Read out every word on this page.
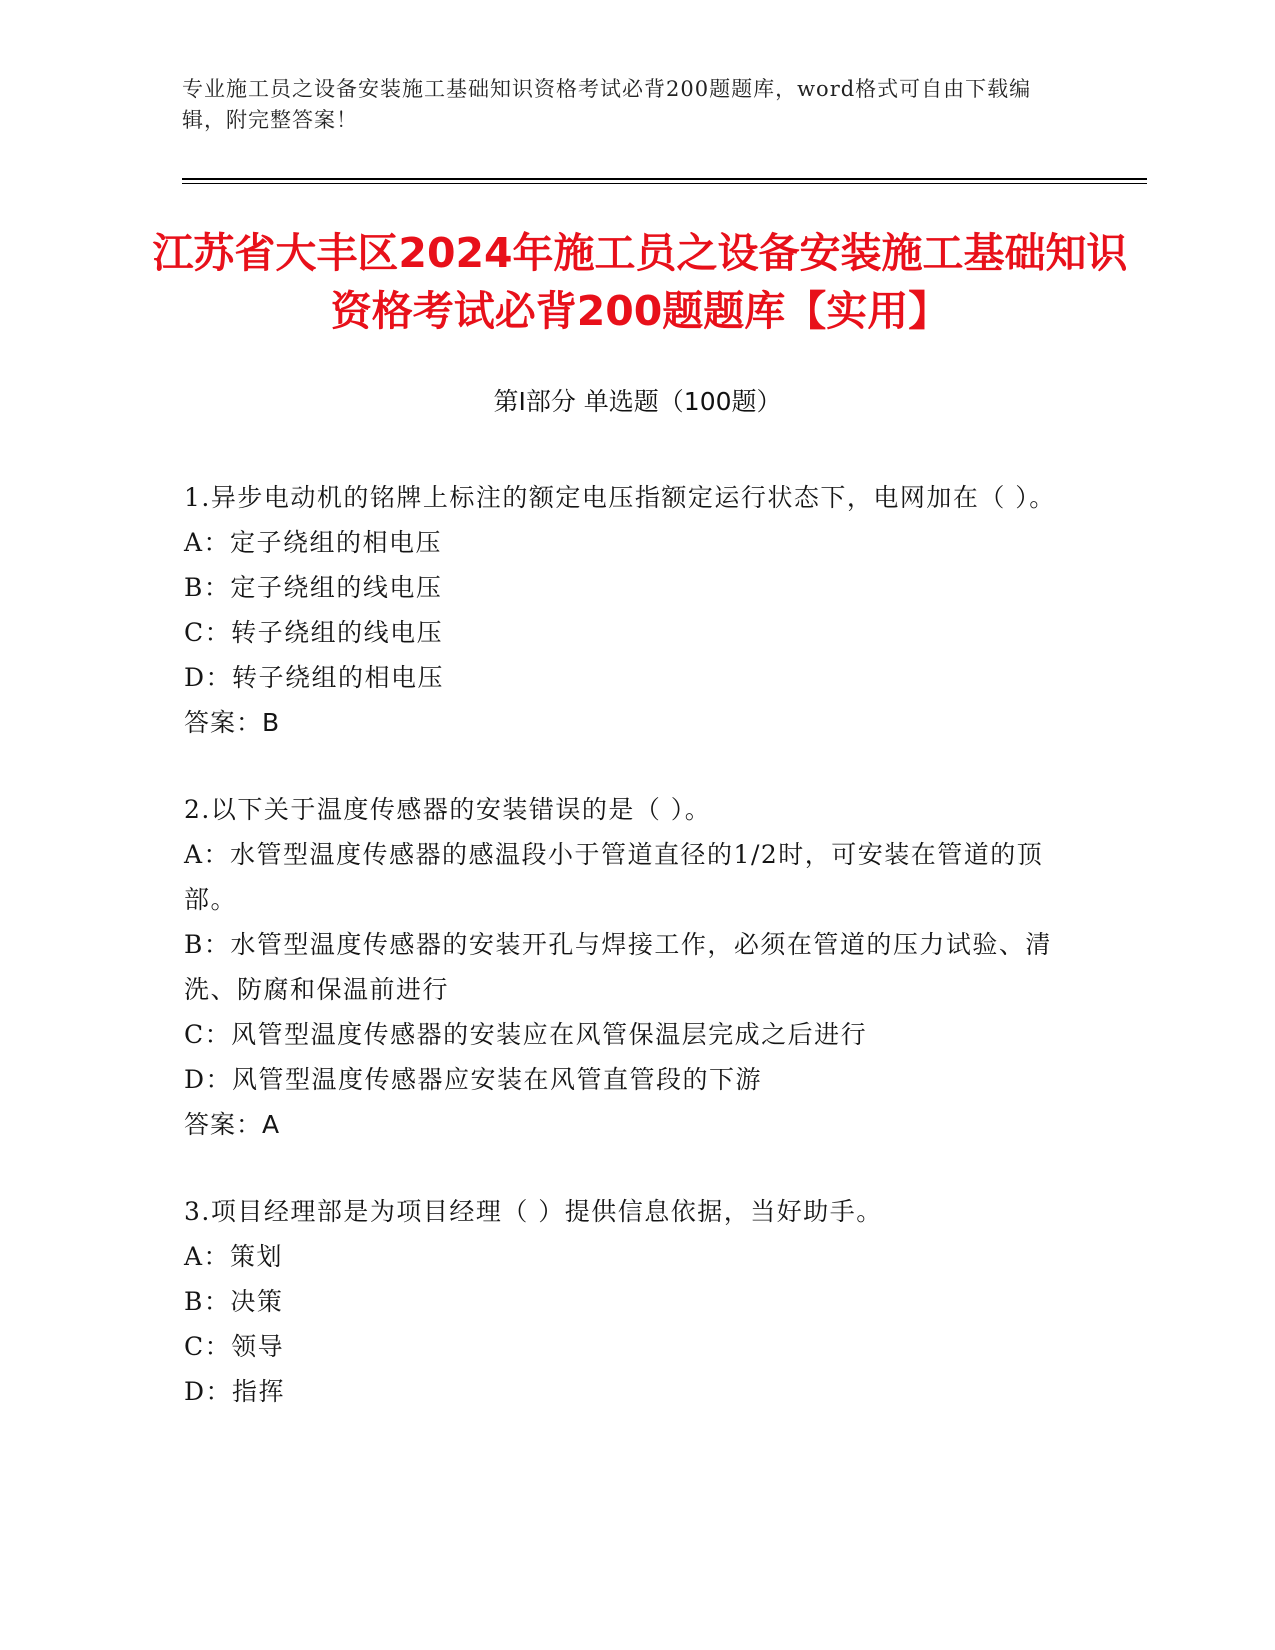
专业施工员之设备安装施工基础知识资格考试必背200题题库，word格式可自由下载编辑，附完整答案！
江苏省大丰区2024年施工员之设备安装施工基础知识资格考试必背200题题库【实用】
第Ⅰ部分 单选题（100题）
1.异步电动机的铭牌上标注的额定电压指额定运行状态下，电网加在（ ）。
A：定子绕组的相电压
B：定子绕组的线电压
C：转子绕组的线电压
D：转子绕组的相电压
答案：B
2.以下关于温度传感器的安装错误的是（ ）。
A：水管型温度传感器的感温段小于管道直径的1/2时，可安装在管道的顶部。
B：水管型温度传感器的安装开孔与焊接工作，必须在管道的压力试验、清洗、防腐和保温前进行
C：风管型温度传感器的安装应在风管保温层完成之后进行
D：风管型温度传感器应安装在风管直管段的下游
答案：A
3.项目经理部是为项目经理（ ）提供信息依据，当好助手。
A：策划
B：决策
C：领导
D：指挥
